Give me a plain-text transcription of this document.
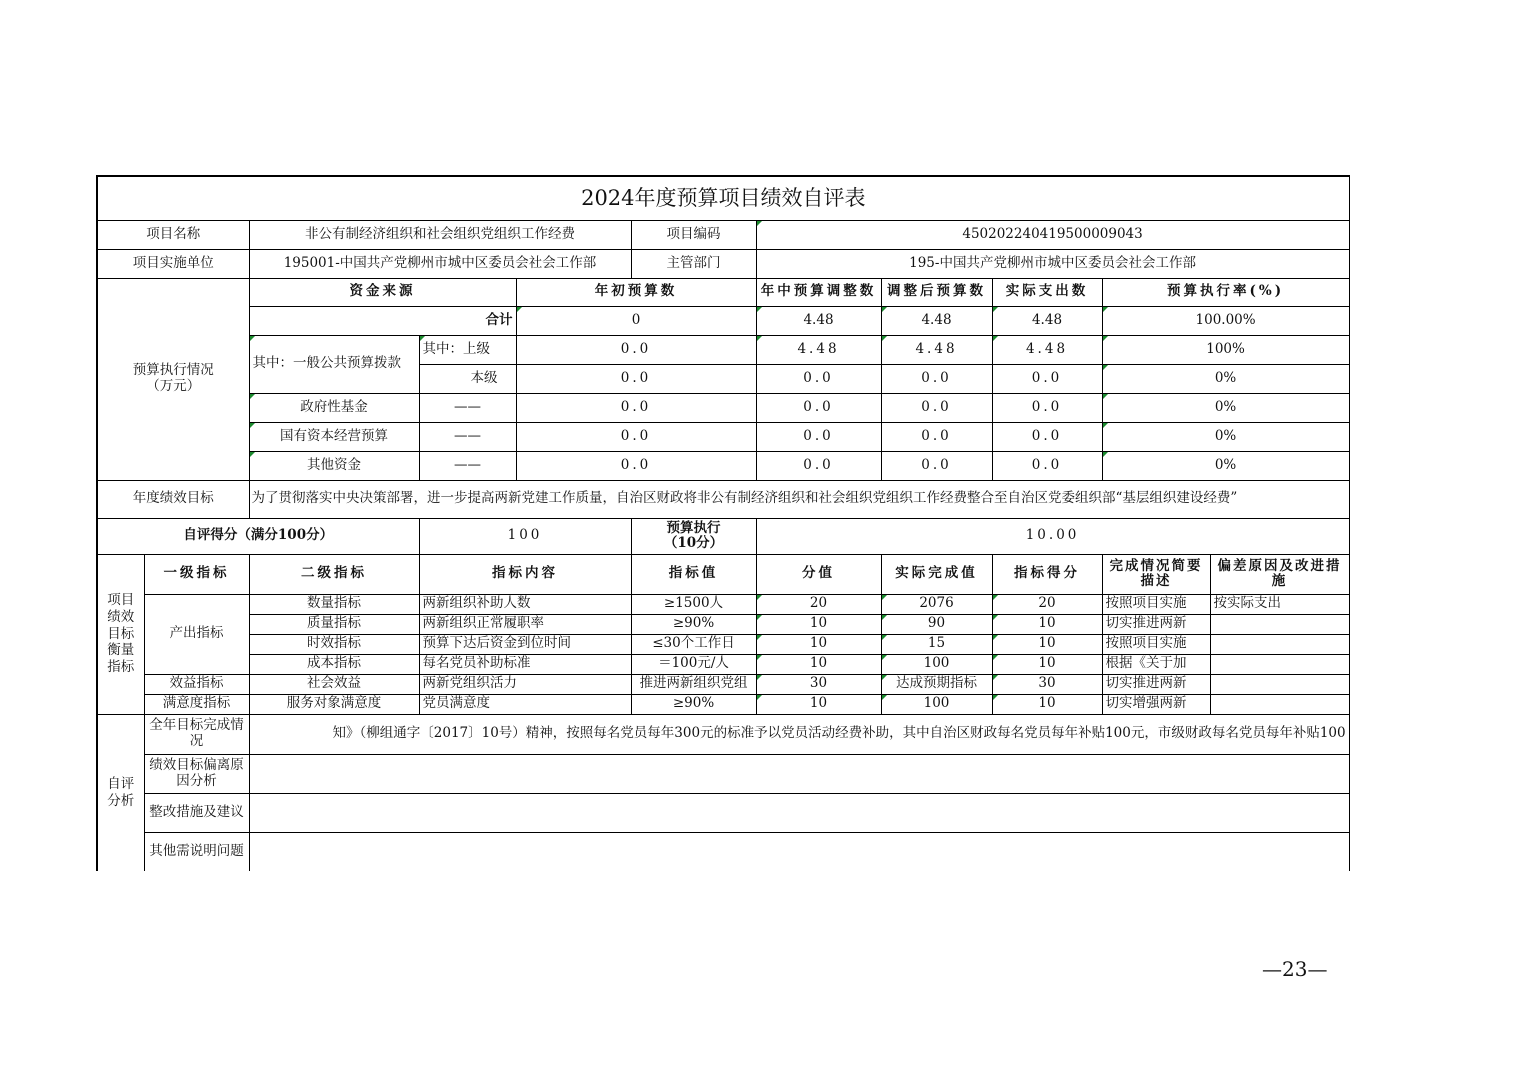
2024年度预算项目绩效自评表										
项目名称		非公有制经济组织和社会组织党组织工作经费			项目编码	450202240419500009043				
项目实施单位		195001-中国共产党柳州市城中区委员会社会工作部			主管部门	195-中国共产党柳州市城中区委员会社会工作部				
预算执行情况
（万元）		资金来源		年初预算数		年中预算调整数	调整后预算数	实际支出数	预算执行率(%)	
		合计		0		4.48	4.48	4.48	100.00%	
		其中：一般公共预算拨款	其中：上级	0.0		4.48	4.48	4.48	100%	
			本级	0.0		0.0	0.0	0.0	0%	
		政府性基金	——	0.0		0.0	0.0	0.0	0%	
		国有资本经营预算	——	0.0		0.0	0.0	0.0	0%	
		其他资金	——	0.0		0.0	0.0	0.0	0%	
年度绩效目标		为了贯彻落实中央决策部署，进一步提高两新党建工作质量，自治区财政将非公有制经济组织和社会组织党组织工作经费整合至自治区党委组织部“基层组织建设经费”								
自评得分（满分100分）			100		预算执行
（10分）	10.00				
项目
绩效
目标
衡量
指标	一级指标	二级指标	指标内容		指标值	分值	实际完成值	指标得分	完成情况简要描述	偏差原因及改进措施
	产出指标	数量指标	两新组织补助人数		≥1500人	20	2076	20	按照项目实施	按实际支出
		质量指标	两新组织正常履职率		≥90%	10	90	10	切实推进两新	
		时效指标	预算下达后资金到位时间		≤30个工作日	10	15	10	按照项目实施	
		成本指标	每名党员补助标准		＝100元/人	10	100	10	根据《关于加	
	效益指标	社会效益	两新党组织活力		推进两新组织党组	30	达成预期指标	30	切实推进两新	
	满意度指标	服务对象满意度	党员满意度		≥90%	10	100	10	切实增强两新	
自评
分析	全年目标完成情况	知》（柳组通字〔2017〕10号）精神，按照每名党员每年300元的标准予以党员活动经费补助，其中自治区财政每名党员每年补贴100元，市级财政每名党员每年补贴100								
	绩效目标偏离原因分析									
	整改措施及建议									
	其他需说明问题									
—23—
